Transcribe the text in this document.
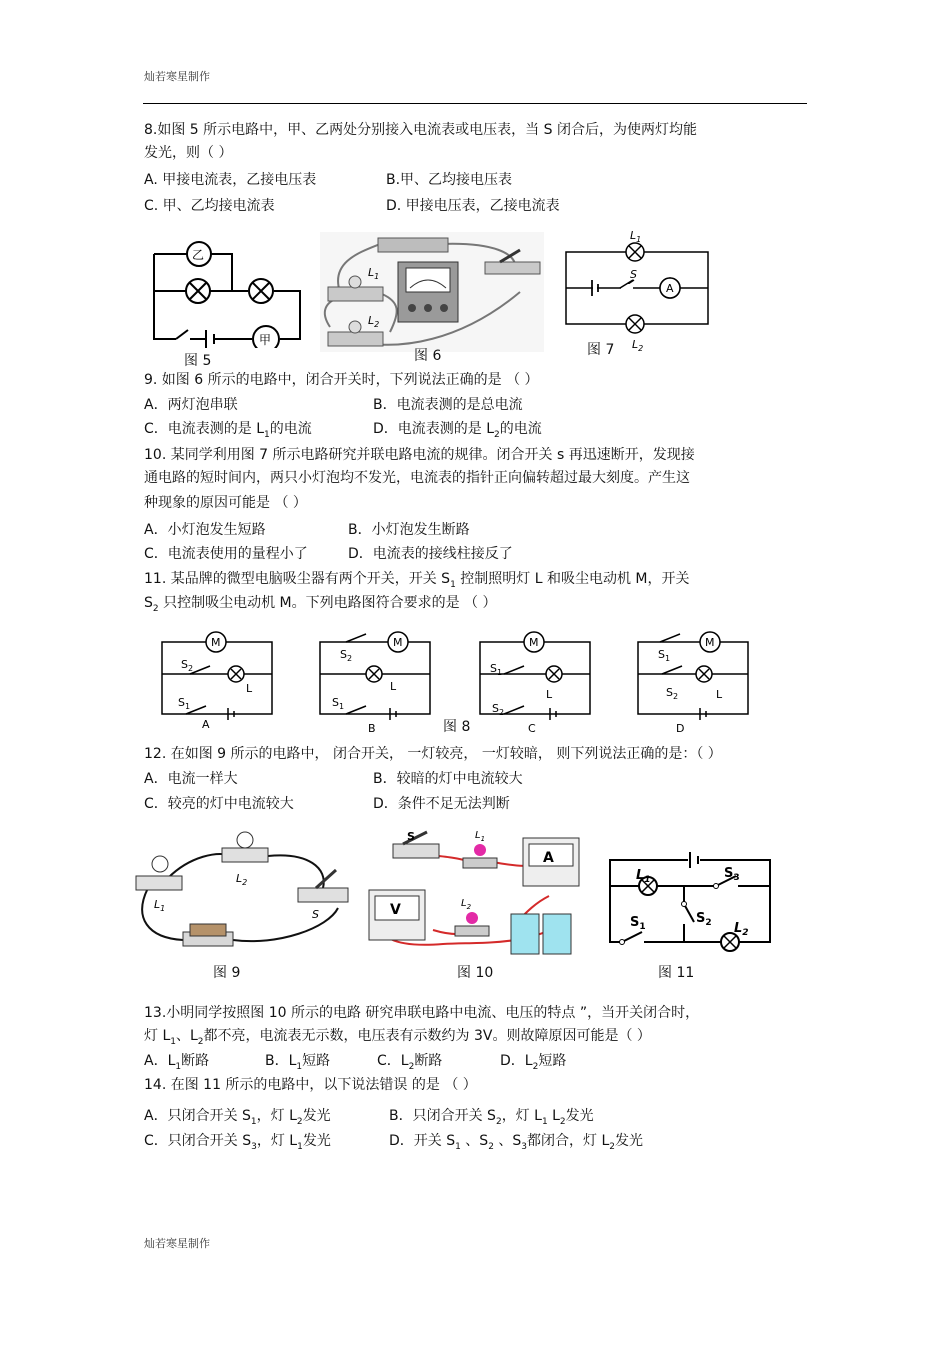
灿若寒星制作
8.如图 5 所示电路中，甲、乙两处分别接入电流表或电压表，当 S 闭合后，为使两灯均能
发光，则（ ）
A. 甲接电流表，乙接电压表	B.甲、乙均接电压表
C. 甲、乙均接电流表	D. 甲接电压表，乙接电流表
乙
甲
图 5
$L_1$
$L_2$
图 6
A
S
$L_1$
$L_2$
图 7
9. 如图 6 所示的电路中，闭合开关时，下列说法正确的是 （ ）
A．两灯泡串联	B．电流表测的是总电流
C．电流表测的是 $L_1$的电流	D．电流表测的是 $L_2$的电流
10. 某同学利用图 7 所示电路研究并联电路电流的规律。闭合开关 s 再迅速断开，发现接
通电路的短时间内，两只小灯泡均不发光，电流表的指针正向偏转超过最大刻度。产生这
种现象的原因可能是 （ ）
A．小灯泡发生短路	B．小灯泡发生断路
C．电流表使用的量程小了	D．电流表的接线柱接反了
11. 某品牌的微型电脑吸尘器有两个开关，开关 $S_1$ 控制照明灯 L 和吸尘电动机 M，开关
$S_2$ 只控制吸尘电动机 M。下列电路图符合要求的是 （ ）
M	M	M	M
L	L
L	L
$S_2$
$S_1$
$S_2$
$S_1$
$S_1$
$S_2$
$S_1$
$S_2$
A	B	C	D
图 8
12. 在如图 9 所示的电路中， 闭合开关， 一灯较亮， 一灯较暗， 则下列说法正确的是：（ ）
A．电流一样大	B．较暗的灯中电流较大
C．较亮的灯中电流较大	D．条件不足无法判断
$L_1$
$L_2$
S
图 9
S	$L_1$
$L_2$
A
V
图 10
$L_1$
$L_2$
$S_3$
$S_1$
$S_2$
图 11
13.小明同学按照图 10 所示的电路 研究串联电路中电流、电压的特点 ”，当开关闭合时，
灯 $L_1$、$L_2$都不亮，电流表无示数，电压表有示数约为 3V。则故障原因可能是（ ）
A．$L_1$断路	B．$L_1$短路	C．$L_2$断路	D．$L_2$短路
14. 在图 11 所示的电路中，以下说法错误 的是 （ ）
A．只闭合开关 $S_1$，灯 $L_2$发光	B．只闭合开关 $S_2$，灯 $L_1$ $L_2$发光
C．只闭合开关 $S_3$，灯 $L_1$发光	D．开关 $S_1$ 、$S_2$ 、$S_3$都闭合，灯 $L_2$发光
灿若寒星制作
